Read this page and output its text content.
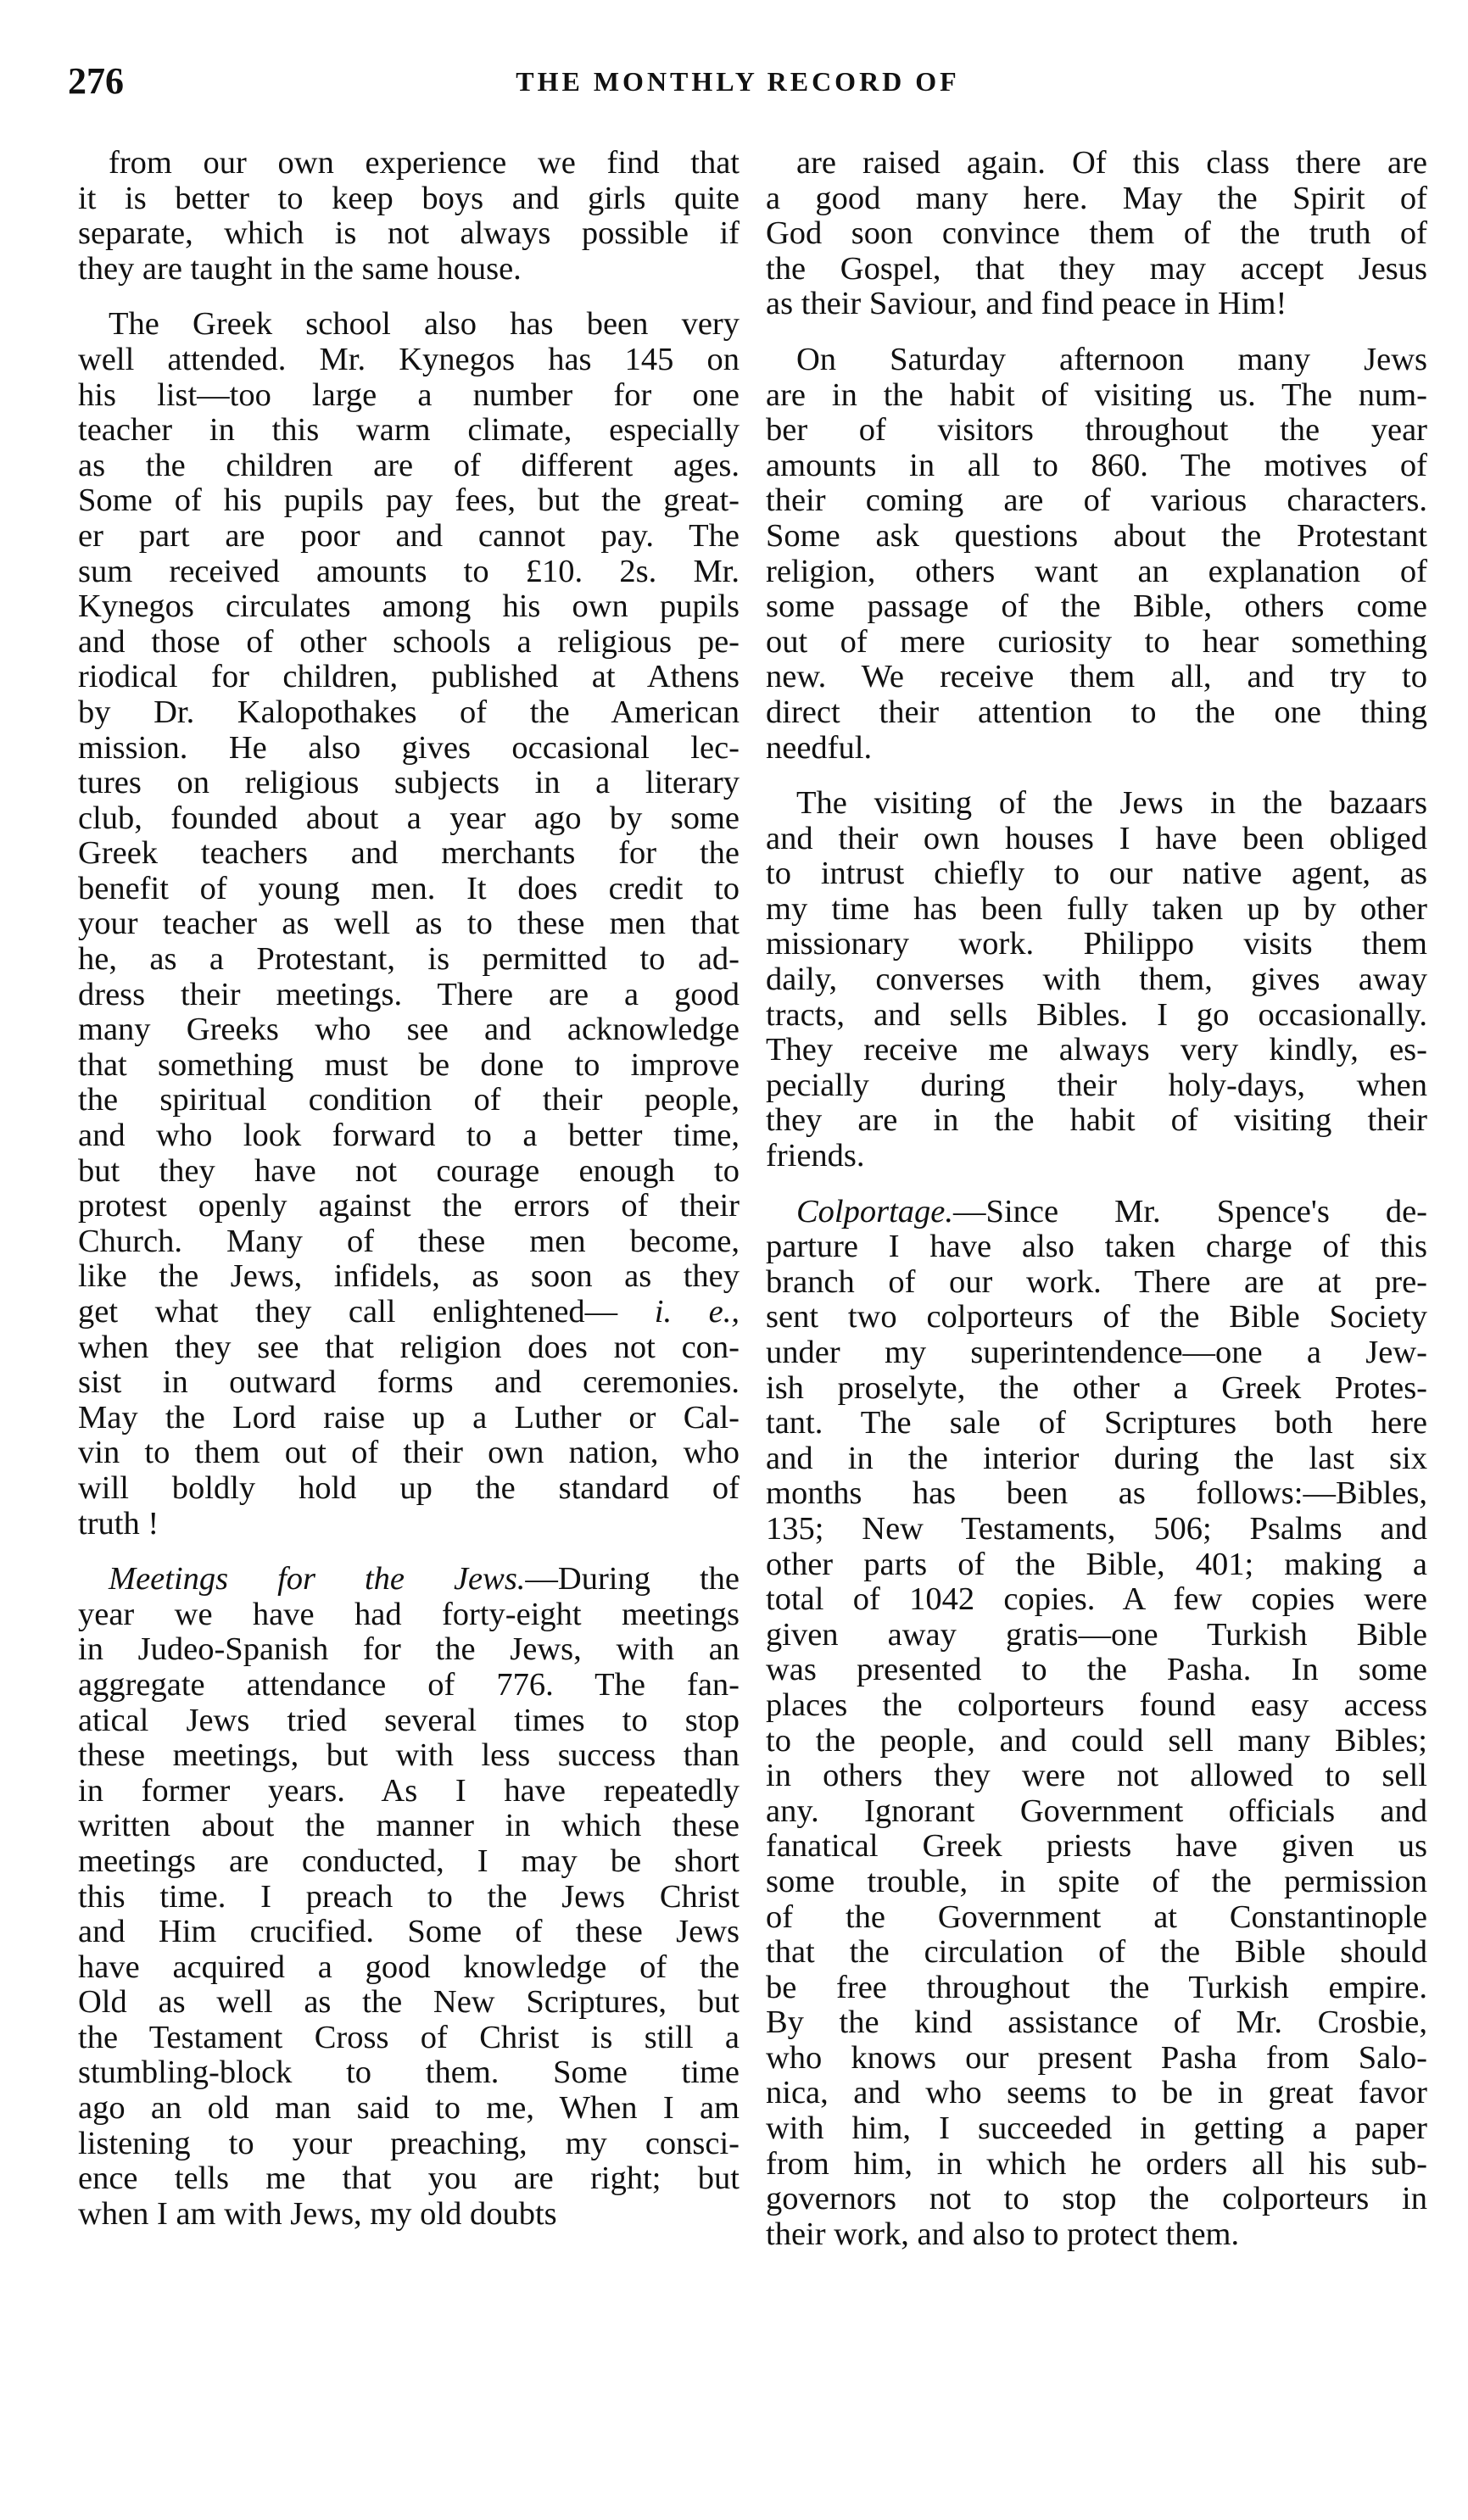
276	THE MONTHLY RECORD OF
from our own experience we find that
it is better to keep boys and girls quite
separate, which is not always possible if
they are taught in the same house.
The Greek school also has been very
well attended. Mr. Kynegos has 145 on
his list—too large a number for one
teacher in this warm climate, especially
as the children are of different ages.
Some of his pupils pay fees, but the great-
er part are poor and cannot pay. The
sum received amounts to £10. 2s. Mr.
Kynegos circulates among his own pupils
and those of other schools a religious pe-
riodical for children, published at Athens
by Dr. Kalopothakes of the American
mission. He also gives occasional lec-
tures on religious subjects in a literary
club, founded about a year ago by some
Greek teachers and merchants for the
benefit of young men. It does credit to
your teacher as well as to these men that
he, as a Protestant, is permitted to ad-
dress their meetings. There are a good
many Greeks who see and acknowledge
that something must be done to improve
the spiritual condition of their people,
and who look forward to a better time,
but they have not courage enough to
protest openly against the errors of their
Church. Many of these men become,
like the Jews, infidels, as soon as they
get what they call enlightened— i. e.,
when they see that religion does not con-
sist in outward forms and ceremonies.
May the Lord raise up a Luther or Cal-
vin to them out of their own nation, who
will boldly hold up the standard of
truth !
Meetings for the Jews.—During the
year we have had forty-eight meetings
in Judeo-Spanish for the Jews, with an
aggregate attendance of 776. The fan-
atical Jews tried several times to stop
these meetings, but with less success than
in former years. As I have repeatedly
written about the manner in which these
meetings are conducted, I may be short
this time. I preach to the Jews Christ
and Him crucified. Some of these Jews
have acquired a good knowledge of the
Old as well as the New Scriptures, but
the Testament Cross of Christ is still a
stumbling-block to them. Some time
ago an old man said to me, When I am
listening to your preaching, my consci-
ence tells me that you are right; but
when I am with Jews, my old doubts
are raised again. Of this class there are
a good many here. May the Spirit of
God soon convince them of the truth of
the Gospel, that they may accept Jesus
as their Saviour, and find peace in Him!
On Saturday afternoon many Jews
are in the habit of visiting us. The num-
ber of visitors throughout the year
amounts in all to 860. The motives of
their coming are of various characters.
Some ask questions about the Protestant
religion, others want an explanation of
some passage of the Bible, others come
out of mere curiosity to hear something
new. We receive them all, and try to
direct their attention to the one thing
needful.
The visiting of the Jews in the bazaars
and their own houses I have been obliged
to intrust chiefly to our native agent, as
my time has been fully taken up by other
missionary work. Philippo visits them
daily, converses with them, gives away
tracts, and sells Bibles. I go occasionally.
They receive me always very kindly, es-
pecially during their holy-days, when
they are in the habit of visiting their
friends.
Colportage.—Since Mr. Spence's de-
parture I have also taken charge of this
branch of our work. There are at pre-
sent two colporteurs of the Bible Society
under my superintendence—one a Jew-
ish proselyte, the other a Greek Protes-
tant. The sale of Scriptures both here
and in the interior during the last six
months has been as follows:—Bibles,
135; New Testaments, 506; Psalms and
other parts of the Bible, 401; making a
total of 1042 copies. A few copies were
given away gratis—one Turkish Bible
was presented to the Pasha. In some
places the colporteurs found easy access
to the people, and could sell many Bibles;
in others they were not allowed to sell
any. Ignorant Government officials and
fanatical Greek priests have given us
some trouble, in spite of the permission
of the Government at Constantinople
that the circulation of the Bible should
be free throughout the Turkish empire.
By the kind assistance of Mr. Crosbie,
who knows our present Pasha from Salo-
nica, and who seems to be in great favor
with him, I succeeded in getting a paper
from him, in which he orders all his sub-
governors not to stop the colporteurs in
their work, and also to protect them.
